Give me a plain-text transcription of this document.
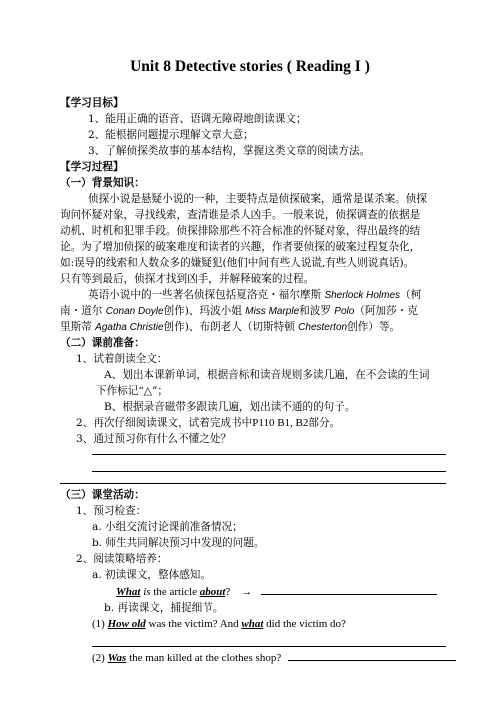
Unit 8 Detective stories ( Reading I )
【学习目标】
1、能用正确的语音、语调无障碍地朗读课文；
2、能根据问题提示理解文章大意；
3、了解侦探类故事的基本结构，掌握这类文章的阅读方法。
【学习过程】
（一）背景知识：
侦探小说是悬疑小说的一种，主要特点是侦探破案，通常是谋杀案。侦探
询问怀疑对象，寻找线索，查清谁是杀人凶手。一般来说，侦探调查的依据是
动机、时机和犯罪手段。侦探排除那些不符合标准的怀疑对象，得出最终的结
论。为了增加侦探的破案难度和读者的兴趣，作者要侦探的破案过程复杂化，
如:误导的线索和人数众多的嫌疑犯(他们中间有些人说谎,有些人则说真话)。
只有等到最后，侦探才找到凶手，并解释破案的过程。
英语小说中的一些著名侦探包括夏洛克・福尔摩斯 Sherlock Holmes（柯
南・道尔 Conan Doyle创作)、玛波小姐 Miss Marple和波罗 Polo（阿加莎・克
里斯蒂 Agatha Christie创作)、布朗老人（切斯特顿 Chesterton创作）等。
（二）课前准备：
1、试着朗读全文：
A、划出本课新单词，根据音标和读音规则多读几遍，在不会读的生词
下作标记“△”；
B、根据录音磁带多跟读几遍，划出读不通的的句子。
2、再次仔细阅读课文，试着完成书中P110 B1, B2部分。
3、通过预习你有什么不懂之处？
（三）课堂活动：
1、预习检查：
a. 小组交流讨论课前准备情况；
b. 师生共同解决预习中发现的问题。
2、阅读策略培养：
a. 初读课文，整体感知。
What is the article about? →
b. 再读课文，捕捉细节。
(1) How old was the victim? And what did the victim do?
(2) Was the man killed at the clothes shop?
